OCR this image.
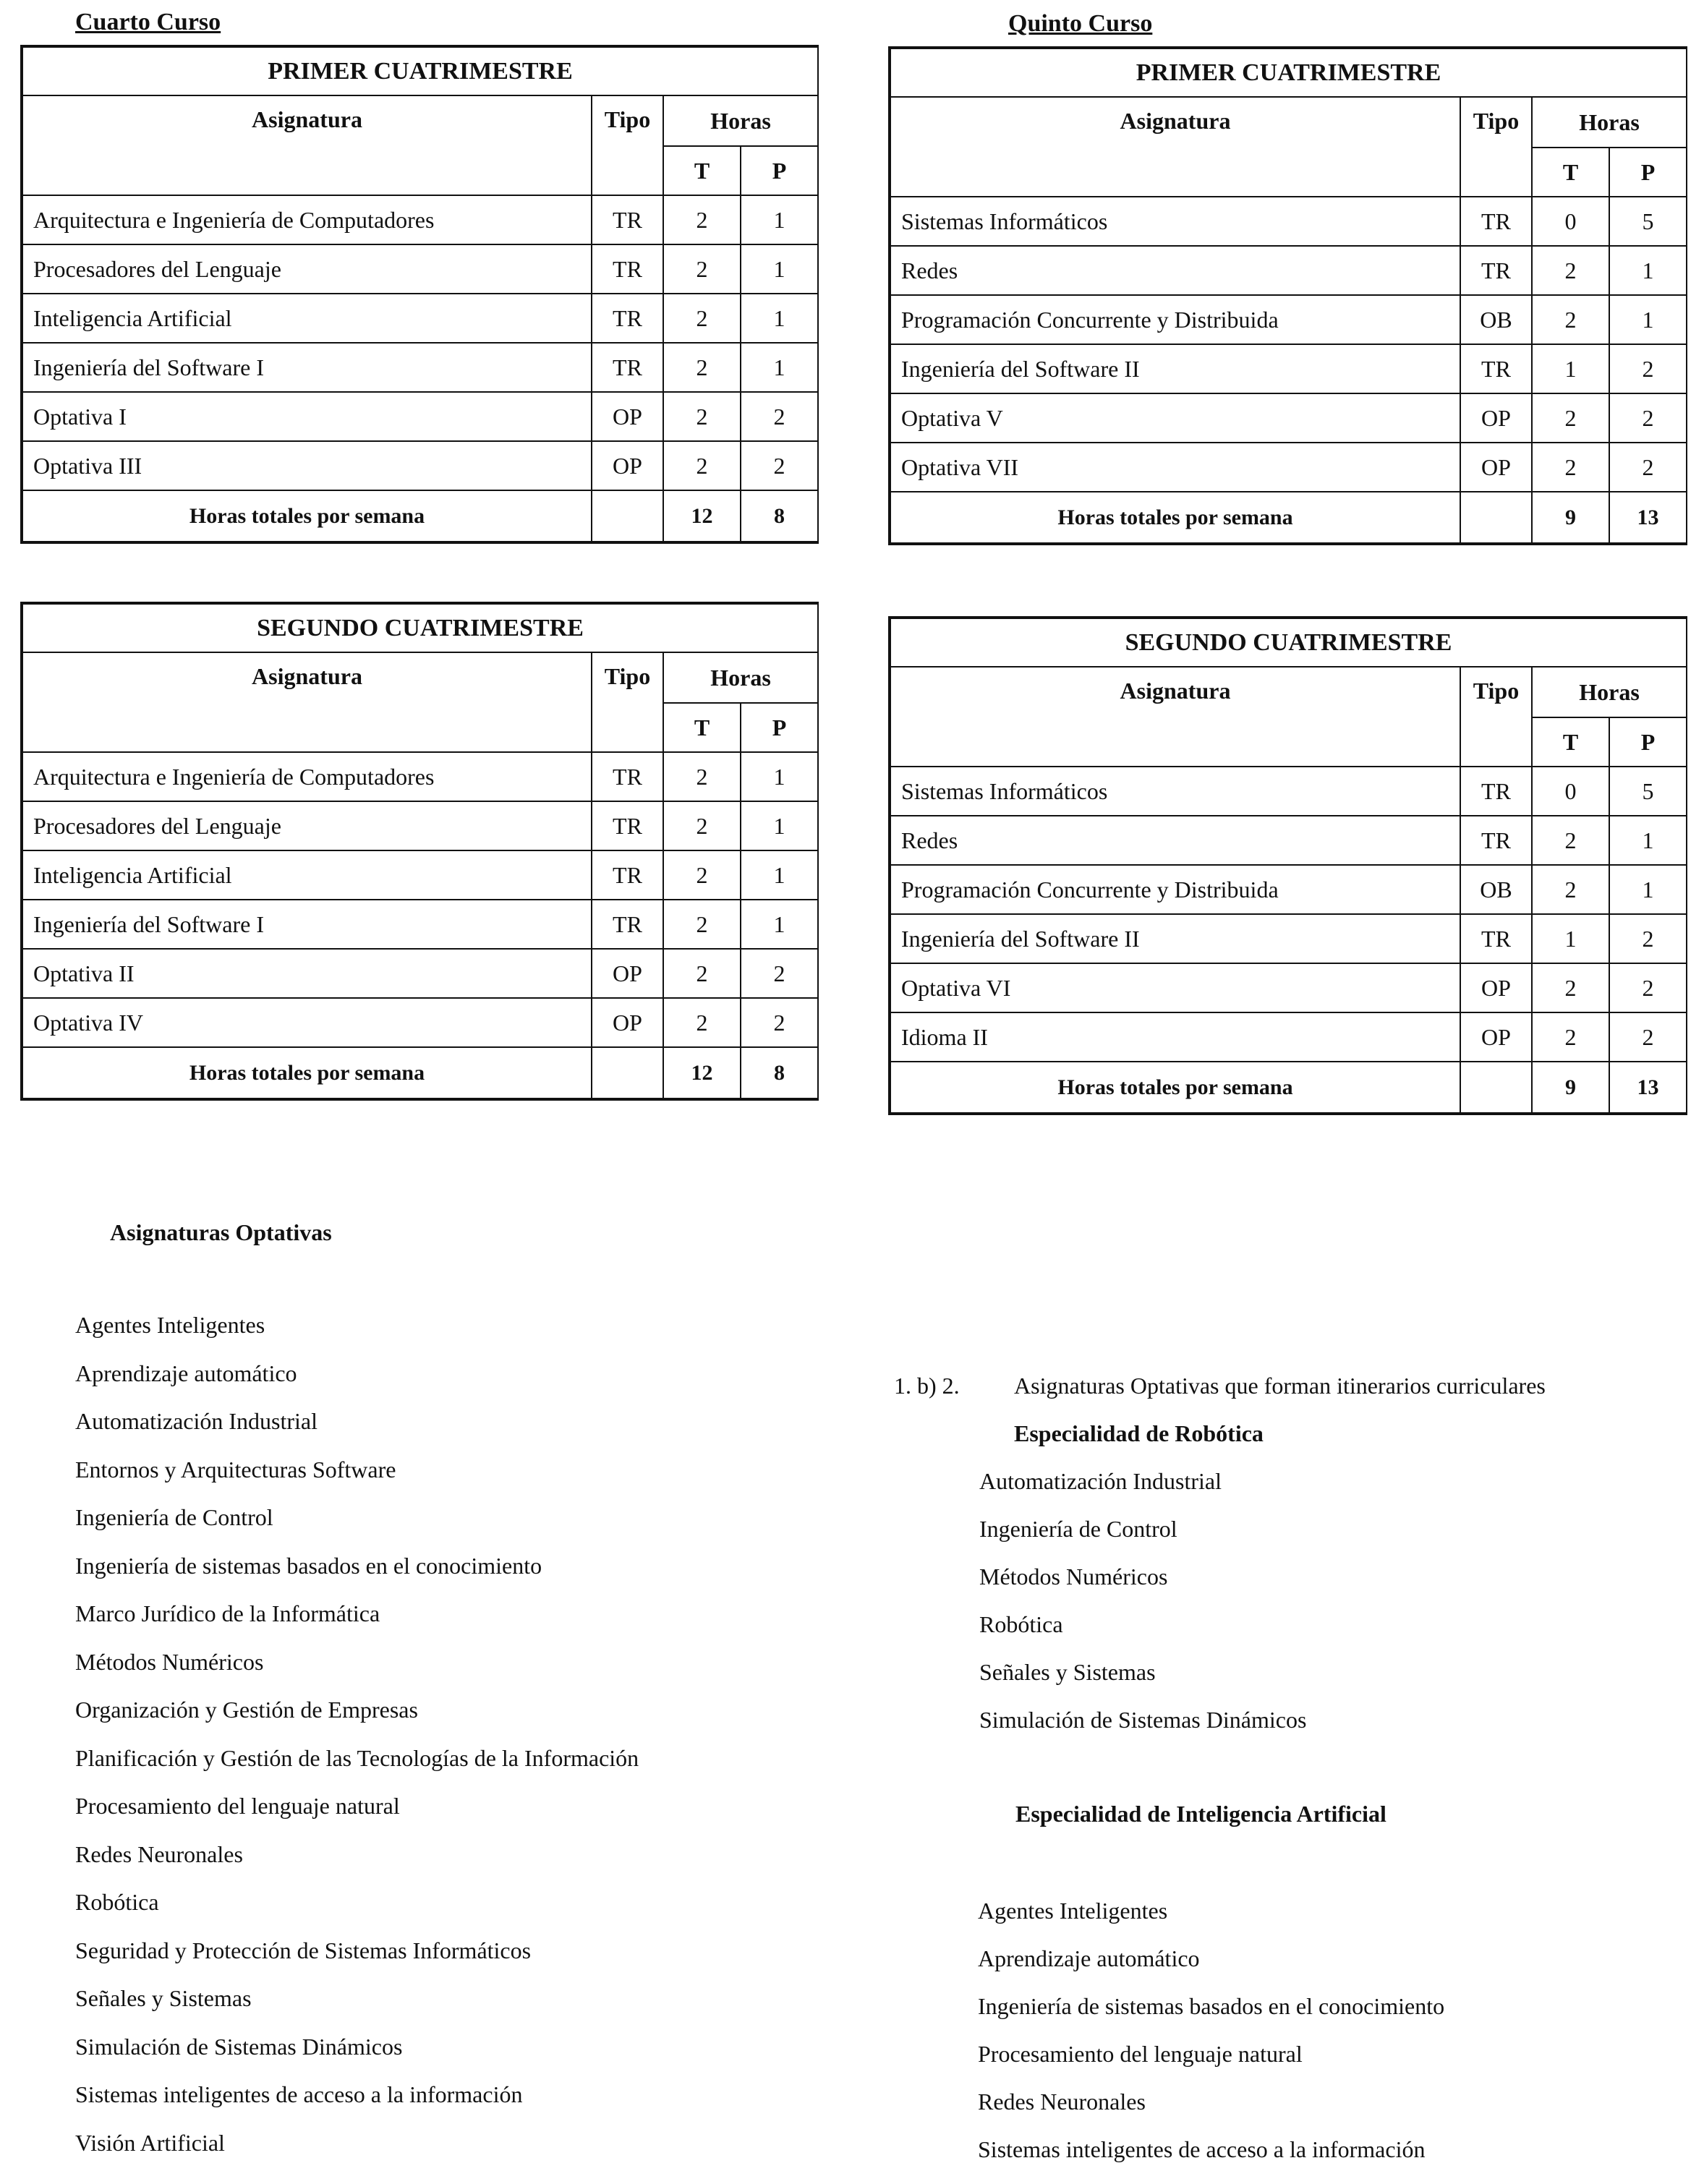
Cuarto Curso	Quinto Curso
PRIMER CUATRIMESTRE			
Asignatura	Tipo	Horas	
		T	P
Arquitectura e Ingeniería de Computadores	TR	2	1
Procesadores del Lenguaje	TR	2	1
Inteligencia Artificial	TR	2	1
Ingeniería del Software I	TR	2	1
Optativa I	OP	2	2
Optativa III	OP	2	2
Horas totales por semana		12	8
SEGUNDO CUATRIMESTRE			
Asignatura	Tipo	Horas	
		T	P
Arquitectura e Ingeniería de Computadores	TR	2	1
Procesadores del Lenguaje	TR	2	1
Inteligencia Artificial	TR	2	1
Ingeniería del Software I	TR	2	1
Optativa II	OP	2	2
Optativa IV	OP	2	2
Horas totales por semana		12	8
PRIMER CUATRIMESTRE			
Asignatura	Tipo	Horas	
		T	P
Sistemas Informáticos	TR	0	5
Redes	TR	2	1
Programación Concurrente y Distribuida	OB	2	1
Ingeniería del Software II	TR	1	2
Optativa V	OP	2	2
Optativa VII	OP	2	2
Horas totales por semana		9	13
SEGUNDO CUATRIMESTRE			
Asignatura	Tipo	Horas	
		T	P
Sistemas Informáticos	TR	0	5
Redes	TR	2	1
Programación Concurrente y Distribuida	OB	2	1
Ingeniería del Software II	TR	1	2
Optativa VI	OP	2	2
Idioma II	OP	2	2
Horas totales por semana		9	13
Asignaturas Optativas
Agentes Inteligentes
Aprendizaje automático
Automatización Industrial
Entornos y Arquitecturas Software
Ingeniería de Control
Ingeniería de sistemas basados en el conocimiento
Marco Jurídico de la Informática
Métodos Numéricos
Organización y Gestión de Empresas
Planificación y Gestión de las Tecnologías de la Información
Procesamiento del lenguaje natural
Redes Neuronales
Robótica
Seguridad y Protección de Sistemas Informáticos
Señales y Sistemas
Simulación de Sistemas Dinámicos
Sistemas inteligentes de acceso a la información
Visión Artificial
1. b) 2. Asignaturas Optativas que forman itinerarios curriculares
Especialidad de Robótica
Automatización Industrial
Ingeniería de Control
Métodos Numéricos
Robótica
Señales y Sistemas
Simulación de Sistemas Dinámicos
Especialidad de Inteligencia Artificial
Agentes Inteligentes
Aprendizaje automático
Ingeniería de sistemas basados en el conocimiento
Procesamiento del lenguaje natural
Redes Neuronales
Sistemas inteligentes de acceso a la información
